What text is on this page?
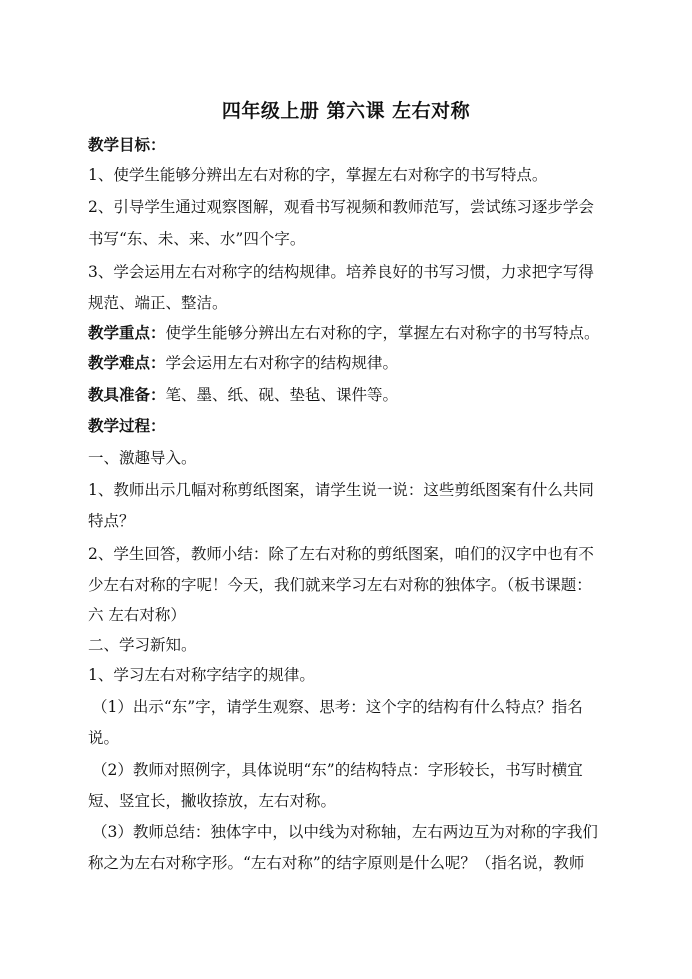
四年级上册 第六课 左右对称
教学目标：
1、使学生能够分辨出左右对称的字，掌握左右对称字的书写特点。
2、引导学生通过观察图解，观看书写视频和教师范写，尝试练习逐步学会
书写“东、未、来、水”四个字。
3、学会运用左右对称字的结构规律。培养良好的书写习惯，力求把字写得
规范、端正、整洁。
教学重点：使学生能够分辨出左右对称的字，掌握左右对称字的书写特点。
教学难点：学会运用左右对称字的结构规律。
教具准备：笔、墨、纸、砚、垫毡、课件等。
教学过程：
一、激趣导入。
1、教师出示几幅对称剪纸图案，请学生说一说：这些剪纸图案有什么共同
特点？
2、学生回答，教师小结：除了左右对称的剪纸图案，咱们的汉字中也有不
少左右对称的字呢！今天，我们就来学习左右对称的独体字。（板书课题：
六 左右对称）
二、学习新知。
1、学习左右对称字结字的规律。
（1）出示“东”字，请学生观察、思考：这个字的结构有什么特点？指名
说。
（2）教师对照例字，具体说明“东”的结构特点：字形较长，书写时横宜
短、竖宜长，撇收捺放，左右对称。
（3）教师总结：独体字中，以中线为对称轴，左右两边互为对称的字我们
称之为左右对称字形。“左右对称”的结字原则是什么呢？（指名说，教师
